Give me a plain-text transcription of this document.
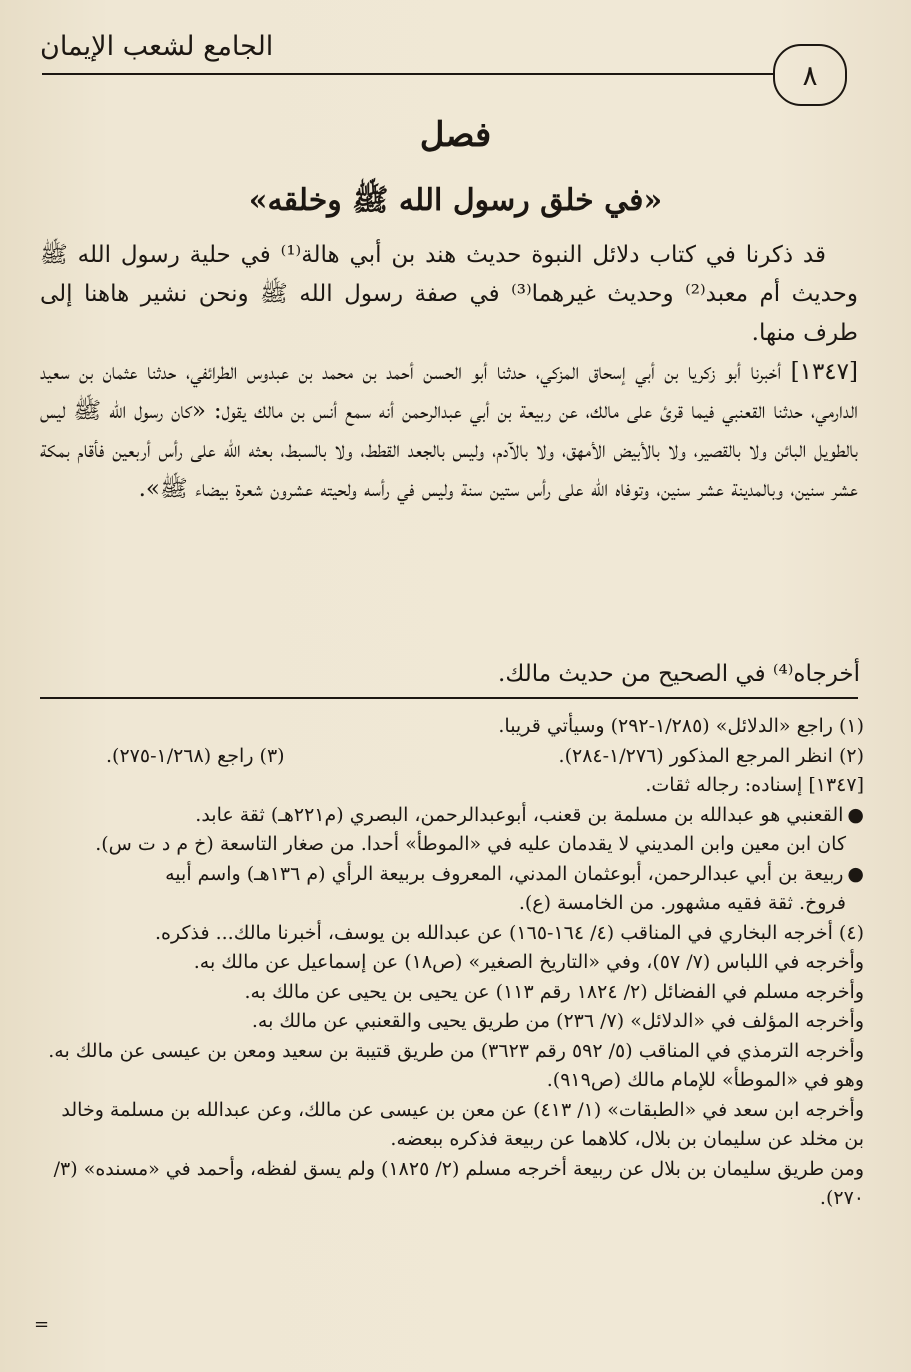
الجامع لشعب الإيمان
٨
فصل
«في خلق رسول الله ﷺ وخلقه»

قد ذكرنا في كتاب دلائل النبوة حديث هند بن أبي هالة⁽¹⁾ في حلية رسول الله ﷺ وحديث أم معبد⁽²⁾ وحديث غيرهما⁽³⁾ في صفة رسول الله ﷺ ونحن نشير هاهنا إلى طرف منها.

[١٣٤٧] أخبرنا أبو زكريا بن أبي إسحاق المزكي، حدثنا أبو الحسن أحمد بن محمد بن عبدوس الطرائفي، حدثنا عثمان بن سعيد الدارمي، حدثنا القعنبي فيما قرئ على مالك، عن ربيعة بن أبي عبدالرحمن أنه سمع أنس بن مالك يقول: «كان رسول الله ﷺ ليس بالطويل البائن ولا بالقصير، ولا بالأبيض الأمهق، ولا بالآدم، وليس بالجعد القطط، ولا بالسبط، بعثه الله على رأس أربعين فأقام بمكة عشر سنين، وبالمدينة عشر سنين، وتوفاه الله على رأس ستين سنة وليس في رأسه ولحيته عشرون شعرة بيضاء ﷺ».

أخرجاه⁽⁴⁾ في الصحيح من حديث مالك.

(١) راجع «الدلائل» (١/٢٨٥-٢٩٢) وسيأتي قريبا.

(٢) انظر المرجع المذكور (١/٢٧٦-٢٨٤).
(٣) راجع (١/٢٦٨-٢٧٥).

[١٣٤٧] إسناده: رجاله ثقات.

●القعنبي هو عبدالله بن مسلمة بن قعنب، أبوعبدالرحمن، البصري (م٢٢١هـ) ثقة عابد.

كان ابن معين وابن المديني لا يقدمان عليه في «الموطأ» أحدا. من صغار التاسعة (خ م د ت س).

●ربيعة بن أبي عبدالرحمن، أبوعثمان المدني، المعروف بربيعة الرأي (م ١٣٦هـ) واسم أبيه

فروخ. ثقة فقيه مشهور. من الخامسة (ع).

(٤) أخرجه البخاري في المناقب (٤/ ١٦٤-١٦٥) عن عبدالله بن يوسف، أخبرنا مالك... فذكره.

وأخرجه في اللباس (٧/ ٥٧)، وفي «التاريخ الصغير» (ص١٨) عن إسماعيل عن مالك به.

وأخرجه مسلم في الفضائل (٢/ ١٨٢٤ رقم ١١٣) عن يحيى بن يحيى عن مالك به.

وأخرجه المؤلف في «الدلائل» (٧/ ٢٣٦) من طريق يحيى والقعنبي عن مالك به.

وأخرجه الترمذي في المناقب (٥/ ٥٩٢ رقم ٣٦٢٣) من طريق قتيبة بن سعيد ومعن بن عيسى عن مالك به.

وهو في «الموطأ» للإمام مالك (ص٩١٩).

وأخرجه ابن سعد في «الطبقات» (١/ ٤١٣) عن معن بن عيسى عن مالك، وعن عبدالله بن مسلمة وخالد بن مخلد عن سليمان بن بلال، كلاهما عن ربيعة فذكره ببعضه.

ومن طريق سليمان بن بلال عن ربيعة أخرجه مسلم (٢/ ١٨٢٥) ولم يسق لفظه، وأحمد في «مسنده» (٣/ ٢٧٠).

=
